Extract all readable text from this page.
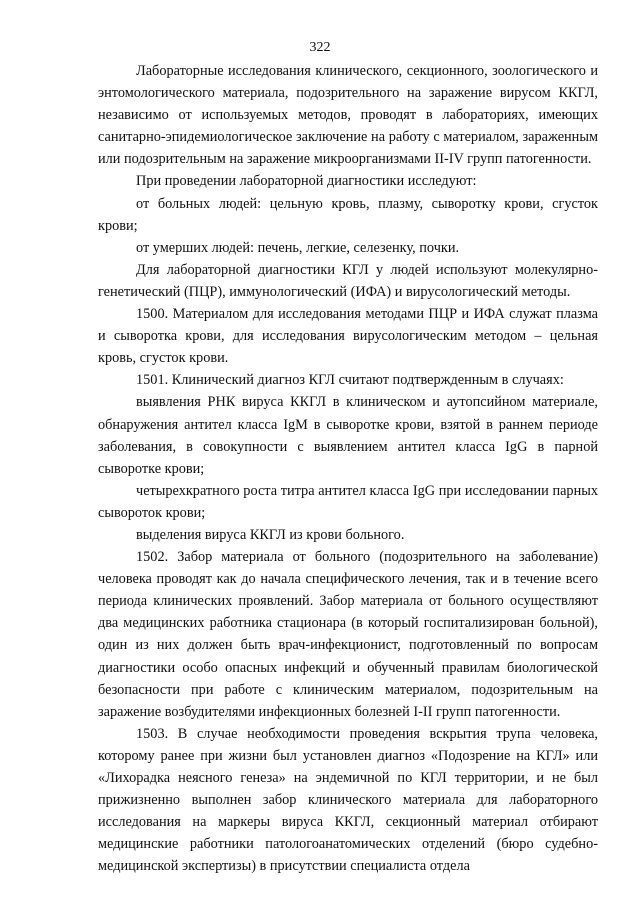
322

Лабораторные исследования клинического, секционного, зоологического и энтомологического материала, подозрительного на заражение вирусом ККГЛ, независимо от используемых методов, проводят в лабораториях, имеющих санитарно-эпидемиологическое заключение на работу с материалом, зараженным или подозрительным на заражение микроорганизмами II-IV групп патогенности.

При проведении лабораторной диагностики исследуют:

от больных людей: цельную кровь, плазму, сыворотку крови, сгусток крови;

от умерших людей: печень, легкие, селезенку, почки.

Для лабораторной диагностики КГЛ у людей используют молекулярно-генетический (ПЦР), иммунологический (ИФА) и вирусологический методы.

1500. Материалом для исследования методами ПЦР и ИФА служат плазма и сыворотка крови, для исследования вирусологическим методом – цельная кровь, сгусток крови.

1501. Клинический диагноз КГЛ считают подтвержденным в случаях:

выявления РНК вируса ККГЛ в клиническом и аутопсийном материале, обнаружения антител класса IgM в сыворотке крови, взятой в раннем периоде заболевания, в совокупности с выявлением антител класса IgG в парной сыворотке крови;

четырехкратного роста титра антител класса IgG при исследовании парных сывороток крови;

выделения вируса ККГЛ из крови больного.

1502. Забор материала от больного (подозрительного на заболевание) человека проводят как до начала специфического лечения, так и в течение всего периода клинических проявлений. Забор материала от больного осуществляют два медицинских работника стационара (в который госпитализирован больной), один из них должен быть врач-инфекционист, подготовленный по вопросам диагностики особо опасных инфекций и обученный правилам биологической безопасности при работе с клиническим материалом, подозрительным на заражение возбудителями инфекционных болезней I-II групп патогенности.

1503. В случае необходимости проведения вскрытия трупа человека, которому ранее при жизни был установлен диагноз «Подозрение на КГЛ» или «Лихорадка неясного генеза» на эндемичной по КГЛ территории, и не был прижизненно выполнен забор клинического материала для лабораторного исследования на маркеры вируса ККГЛ, секционный материал отбирают медицинские работники патологоанатомических отделений (бюро судебно-медицинской экспертизы) в присутствии специалиста отдела
